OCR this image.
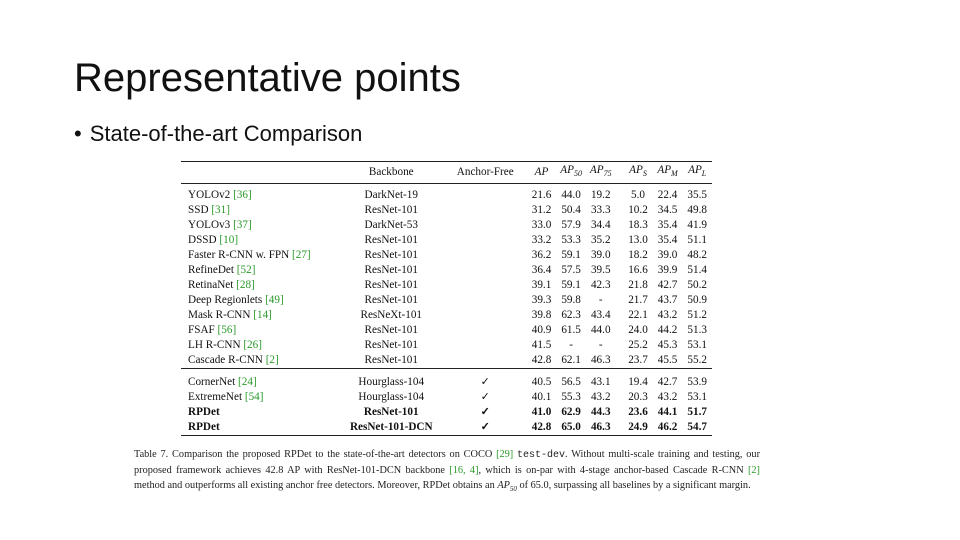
Representative points
• State-of-the-art Comparison
	Backbone	Anchor-Free	AP	$AP_{50}$	$AP_{75}$		$AP_S$	$AP_M$	$AP_L$
YOLOv2 [36]	DarkNet-19		21.6	44.0	19.2		5.0	22.4	35.5
SSD [31]	ResNet-101		31.2	50.4	33.3		10.2	34.5	49.8
YOLOv3 [37]	DarkNet-53		33.0	57.9	34.4		18.3	35.4	41.9
DSSD [10]	ResNet-101		33.2	53.3	35.2		13.0	35.4	51.1
Faster R-CNN w. FPN [27]	ResNet-101		36.2	59.1	39.0		18.2	39.0	48.2
RefineDet [52]	ResNet-101		36.4	57.5	39.5		16.6	39.9	51.4
RetinaNet [28]	ResNet-101		39.1	59.1	42.3		21.8	42.7	50.2
Deep Regionlets [49]	ResNet-101		39.3	59.8	-		21.7	43.7	50.9
Mask R-CNN [14]	ResNeXt-101		39.8	62.3	43.4		22.1	43.2	51.2
FSAF [56]	ResNet-101		40.9	61.5	44.0		24.0	44.2	51.3
LH R-CNN [26]	ResNet-101		41.5	-	-		25.2	45.3	53.1
Cascade R-CNN [2]	ResNet-101		42.8	62.1	46.3		23.7	45.5	55.2
CornerNet [24]	Hourglass-104	✓	40.5	56.5	43.1		19.4	42.7	53.9
ExtremeNet [54]	Hourglass-104	✓	40.1	55.3	43.2		20.3	43.2	53.1
RPDet	ResNet-101	✓	41.0	62.9	44.3		23.6	44.1	51.7
RPDet	ResNet-101-DCN	✓	42.8	65.0	46.3		24.9	46.2	54.7
Table 7. Comparison the proposed RPDet to the state-of-the-art detectors on COCO [29] test-dev. Without multi-scale training and testing, our proposed framework achieves 42.8 AP with ResNet-101-DCN backbone [16, 4], which is on-par with 4-stage anchor-based Cascade R-CNN [2] method and outperforms all existing anchor free detectors. Moreover, RPDet obtains an $AP_{50}$ of 65.0, surpassing all baselines by a significant margin.
